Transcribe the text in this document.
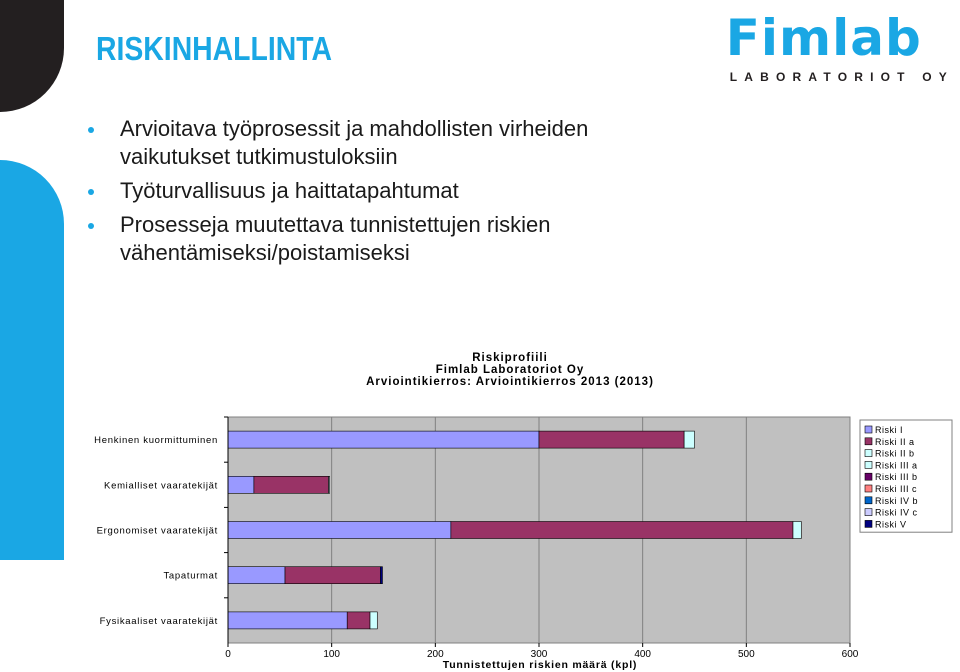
RISKINHALLINTA	Fimlab
LABORATORIOT OY
Arvioitava työprosessit ja mahdollisten virheiden vaikutukset tutkimustuloksiin
Työturvallisuus ja haittatapahtumat
Prosesseja muutettava tunnistettujen riskien vähentämiseksi/poistamiseksi
Riskiprofiili
Fimlab Laboratoriot Oy
Arviointikierros: Arviointikierros 2013 (2013)
Henkinen kuormittuminen
Kemialliset vaaratekijät
Ergonomiset vaaratekijät
Tapaturmat
Fysikaaliset vaaratekijät
0	100	200	300	400	500	600
Tunnistettujen riskien määrä (kpl)
Riski I
Riski II a
Riski II b
Riski III a
Riski III b
Riski III c
Riski IV b
Riski IV c
Riski V
